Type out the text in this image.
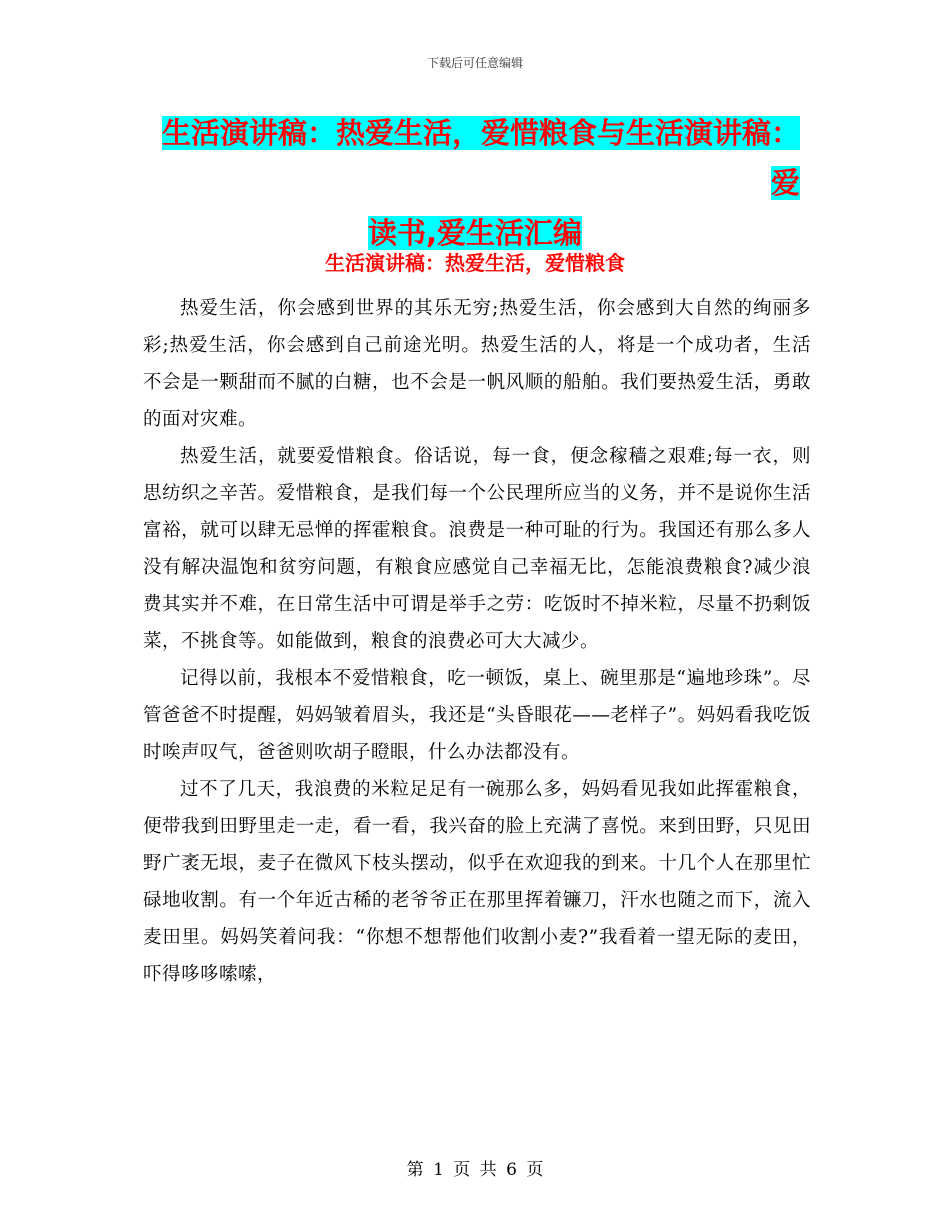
下载后可任意编辑
生活演讲稿：热爱生活，爱惜粮食与生活演讲稿：爱
读书,爱生活汇编
生活演讲稿：热爱生活，爱惜粮食

热爱生活，你会感到世界的其乐无穷;热爱生活，你会感到大自然的绚丽多彩;热爱生活，你会感到自己前途光明。热爱生活的人，将是一个成功者，生活不会是一颗甜而不腻的白糖，也不会是一帆风顺的船舶。我们要热爱生活，勇敢的面对灾难。

热爱生活，就要爱惜粮食。俗话说，每一食，便念稼穑之艰难;每一衣，则思纺织之辛苦。爱惜粮食，是我们每一个公民理所应当的义务，并不是说你生活富裕，就可以肆无忌惮的挥霍粮食。浪费是一种可耻的行为。我国还有那么多人没有解决温饱和贫穷问题，有粮食应感觉自己幸福无比，怎能浪费粮食?减少浪费其实并不难，在日常生活中可谓是举手之劳：吃饭时不掉米粒，尽量不扔剩饭菜，不挑食等。如能做到，粮食的浪费必可大大减少。

记得以前，我根本不爱惜粮食，吃一顿饭，桌上、碗里那是“遍地珍珠”。尽管爸爸不时提醒，妈妈皱着眉头，我还是“头昏眼花——老样子”。妈妈看我吃饭时唉声叹气，爸爸则吹胡子瞪眼，什么办法都没有。

过不了几天，我浪费的米粒足足有一碗那么多，妈妈看见我如此挥霍粮食，便带我到田野里走一走，看一看，我兴奋的脸上充满了喜悦。来到田野，只见田野广袤无垠，麦子在微风下枝头摆动，似乎在欢迎我的到来。十几个人在那里忙碌地收割。有一个年近古稀的老爷爷正在那里挥着镰刀，汗水也随之而下，流入麦田里。妈妈笑着问我：“你想不想帮他们收割小麦?”我看着一望无际的麦田，吓得哆哆嗦嗦，

第 1 页 共 6 页
